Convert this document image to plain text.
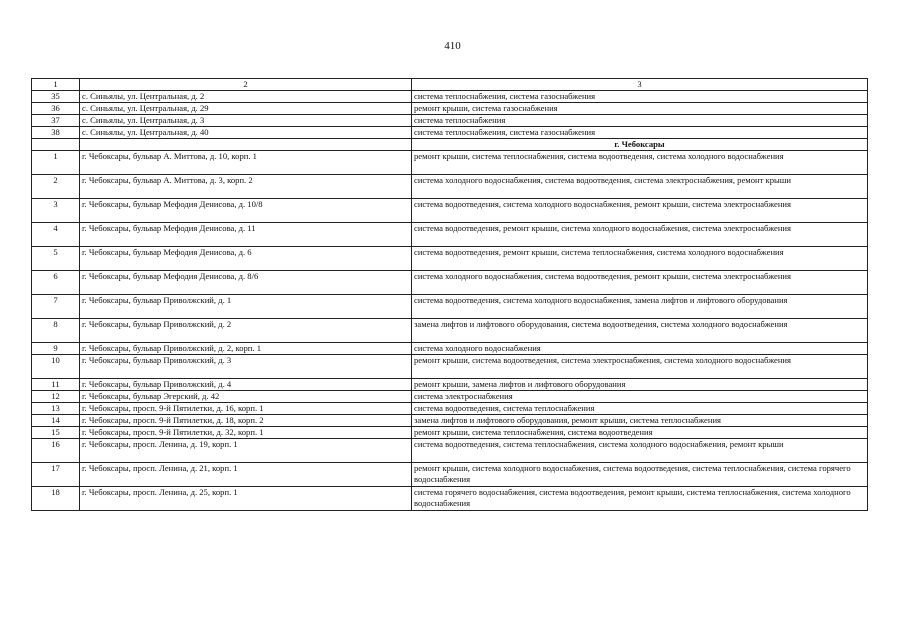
410
1	2	3
35	с. Синьялы, ул. Центральная, д. 2	система теплоснабжения, система газоснабжения
36	с. Синьялы, ул. Центральная, д. 29	ремонт крыши, система газоснабжения
37	с. Синьялы, ул. Центральная, д. 3	система теплоснабжения
38	с. Синьялы, ул. Центральная, д. 40	система теплоснабжения, система газоснабжения
		г. Чебоксары
1	г. Чебоксары, бульвар А. Миттова, д. 10, корп. 1	ремонт крыши, система теплоснабжения, система водоотведения, система холодного водоснабжения
2	г. Чебоксары, бульвар А. Миттова, д. 3, корп. 2	система холодного водоснабжения, система водоотведения, система электроснабжения, ремонт крыши
3	г. Чебоксары, бульвар Мефодия Денисова, д. 10/8	система водоотведения, система холодного водоснабжения, ремонт крыши, система электроснабжения
4	г. Чебоксары, бульвар Мефодия Денисова, д. 11	система водоотведения, ремонт крыши, система холодного водоснабжения, система электроснабжения
5	г. Чебоксары, бульвар Мефодия Денисова, д. 6	система водоотведения, ремонт крыши, система теплоснабжения, система холодного водоснабжения
6	г. Чебоксары, бульвар Мефодия Денисова, д. 8/6	система холодного водоснабжения, система водоотведения, ремонт крыши, система электроснабжения
7	г. Чебоксары, бульвар Приволжский, д. 1	система водоотведения, система холодного водоснабжения, замена лифтов и лифтового оборудования
8	г. Чебоксары, бульвар Приволжский, д. 2	замена лифтов и лифтового оборудования, система водоотведения, система холодного водоснабжения
9	г. Чебоксары, бульвар Приволжский, д. 2, корп. 1	система холодного водоснабжения
10	г. Чебоксары, бульвар Приволжский, д. 3	ремонт крыши, система водоотведения, система электроснабжения, система холодного водоснабжения
11	г. Чебоксары, бульвар Приволжский, д. 4	ремонт крыши, замена лифтов и лифтового оборудования
12	г. Чебоксары, бульвар Эгерский, д. 42	система электроснабжения
13	г. Чебоксары, просп. 9-й Пятилетки, д. 16, корп. 1	система водоотведения, система теплоснабжения
14	г. Чебоксары, просп. 9-й Пятилетки, д. 18, корп. 2	замена лифтов и лифтового оборудования, ремонт крыши, система теплоснабжения
15	г. Чебоксары, просп. 9-й Пятилетки, д. 32, корп. 1	ремонт крыши, система теплоснабжения, система водоотведения
16	г. Чебоксары, просп. Ленина, д. 19, корп. 1	система водоотведения, система теплоснабжения, система холодного водоснабжения, ремонт крыши
17	г. Чебоксары, просп. Ленина, д. 21, корп. 1	ремонт крыши, система холодного водоснабжения, система водоотведения, система теплоснабжения, система горячего водоснабжения
18	г. Чебоксары, просп. Ленина, д. 25, корп. 1	система горячего водоснабжения, система водоотведения, ремонт крыши, система теплоснабжения, система холодного водоснабжения
